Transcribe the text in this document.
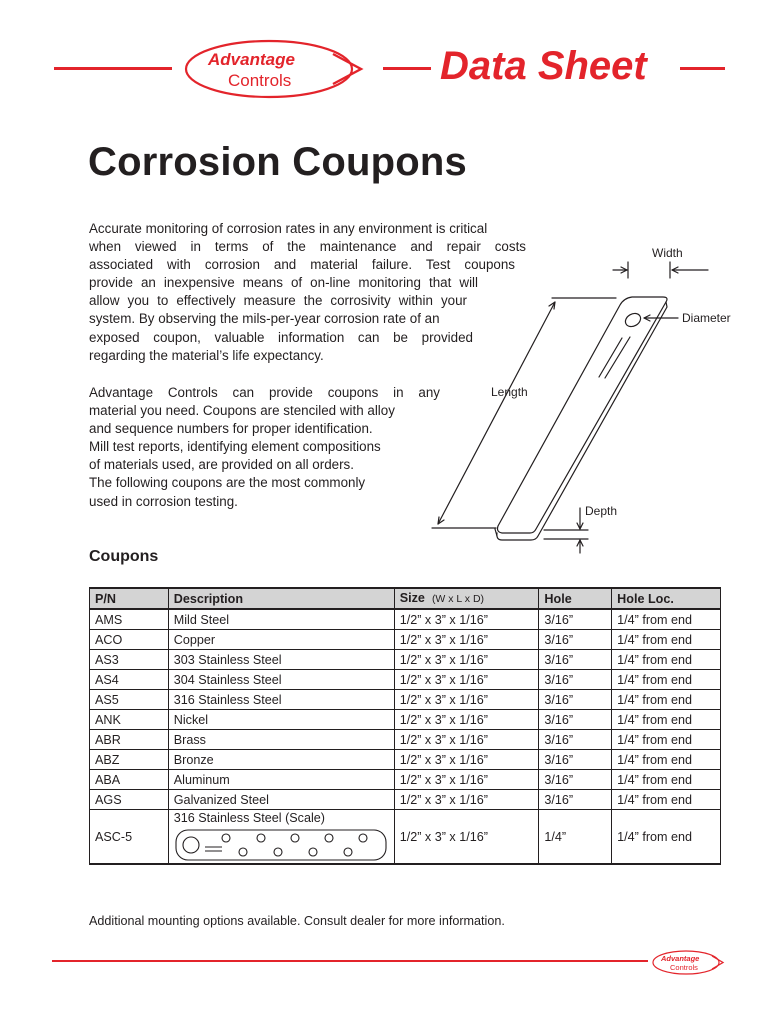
Advantage
Controls	Data Sheet
Corrosion Coupons
Accurate monitoring of corrosion rates in any environment is critical
when viewed in terms of the maintenance and repair costs
associated with corrosion and material failure. Test coupons
provide an inexpensive means of on-line monitoring that will
allow you to effectively measure the corrosivity within your
system. By observing the mils-per-year corrosion rate of an
exposed coupon, valuable information can be provided
regarding the material’s life expectancy.
Advantage Controls can provide coupons in any
material you need. Coupons are stenciled with alloy
and sequence numbers for proper identification.
Mill test reports, identifying element compositions
of materials used, are provided on all orders.
The following coupons are the most commonly
used in corrosion testing.
Width
Diameter
Length
Depth
Coupons
P/N	Description	Size (W x L x D)	Hole	Hole Loc.
AMS	Mild Steel	1/2” x 3” x 1/16”	3/16”	1/4” from end
ACO	Copper	1/2” x 3” x 1/16”	3/16”	1/4” from end
AS3	303 Stainless Steel	1/2” x 3” x 1/16”	3/16”	1/4” from end
AS4	304 Stainless Steel	1/2” x 3” x 1/16”	3/16”	1/4” from end
AS5	316 Stainless Steel	1/2” x 3” x 1/16”	3/16”	1/4” from end
ANK	Nickel	1/2” x 3” x 1/16”	3/16”	1/4” from end
ABR	Brass	1/2” x 3” x 1/16”	3/16”	1/4” from end
ABZ	Bronze	1/2” x 3” x 1/16”	3/16”	1/4” from end
ABA	Aluminum	1/2” x 3” x 1/16”	3/16”	1/4” from end
AGS	Galvanized Steel	1/2” x 3” x 1/16”	3/16”	1/4” from end
ASC-5	316 Stainless Steel (Scale)	1/2” x 3” x 1/16”	1/4”	1/4” from end
Additional mounting options available. Consult dealer for more information.
Advantage
Controls
